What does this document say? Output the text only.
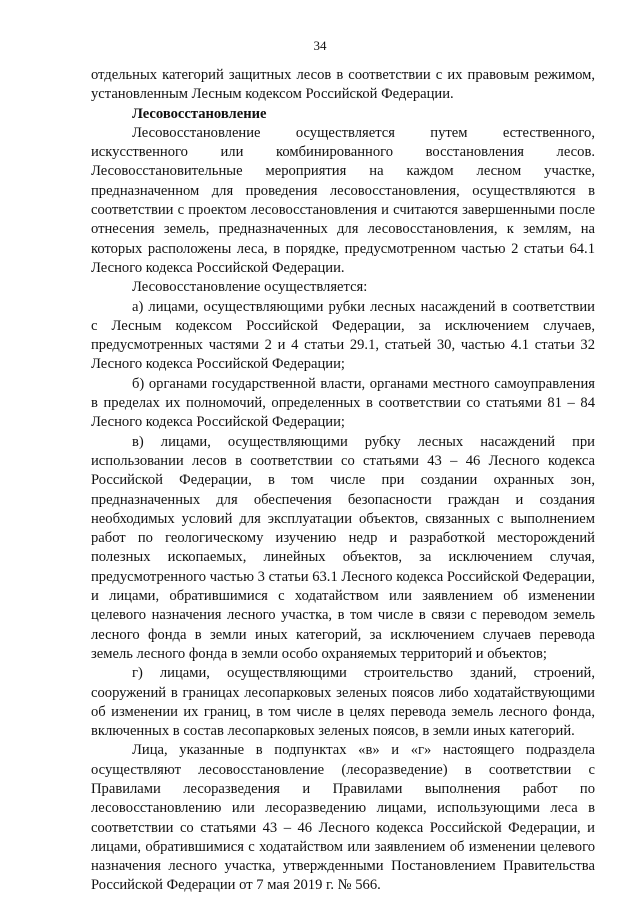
34

отдельных категорий защитных лесов в соответствии с их правовым режимом, установленным Лесным кодексом Российской Федерации.

Лесовосстановление

Лесовосстановление осуществляется путем естественного, искусственного или комбинированного восстановления лесов. Лесовосстановительные мероприятия на каждом лесном участке, предназначенном для проведения лесовосстановления, осуществляются в соответствии с проектом лесовосстановления и считаются завершенными после отнесения земель, предназначенных для лесовосстановления, к землям, на которых расположены леса, в порядке, предусмотренном частью 2 статьи 64.1 Лесного кодекса Российской Федерации.

Лесовосстановление осуществляется:

а) лицами, осуществляющими рубки лесных насаждений в соответствии с Лесным кодексом Российской Федерации, за исключением случаев, предусмотренных частями 2 и 4 статьи 29.1, статьей 30, частью 4.1 статьи 32 Лесного кодекса Российской Федерации;

б) органами государственной власти, органами местного самоуправления в пределах их полномочий, определенных в соответствии со статьями 81 – 84 Лесного кодекса Российской Федерации;

в) лицами, осуществляющими рубку лесных насаждений при использовании лесов в соответствии со статьями 43 – 46 Лесного кодекса Российской Федерации, в том числе при создании охранных зон, предназначенных для обеспечения безопасности граждан и создания необходимых условий для эксплуатации объектов, связанных с выполнением работ по геологическому изучению недр и разработкой месторождений полезных ископаемых, линейных объектов, за исключением случая, предусмотренного частью 3 статьи 63.1 Лесного кодекса Российской Федерации, и лицами, обратившимися с ходатайством или заявлением об изменении целевого назначения лесного участка, в том числе в связи с переводом земель лесного фонда в земли иных категорий, за исключением случаев перевода земель лесного фонда в земли особо охраняемых территорий и объектов;

г) лицами, осуществляющими строительство зданий, строений, сооружений в границах лесопарковых зеленых поясов либо ходатайствующими об изменении их границ, в том числе в целях перевода земель лесного фонда, включенных в состав лесопарковых зеленых поясов, в земли иных категорий.

Лица, указанные в подпунктах «в» и «г» настоящего подраздела осуществляют лесовосстановление (лесоразведение) в соответствии с Правилами лесоразведения и Правилами выполнения работ по лесовосстановлению или лесоразведению лицами, использующими леса в соответствии со статьями 43 – 46 Лесного кодекса Российской Федерации, и лицами, обратившимися с ходатайством или заявлением об изменении целевого назначения лесного участка, утвержденными Постановлением Правительства Российской Федерации от 7 мая 2019 г. № 566.
